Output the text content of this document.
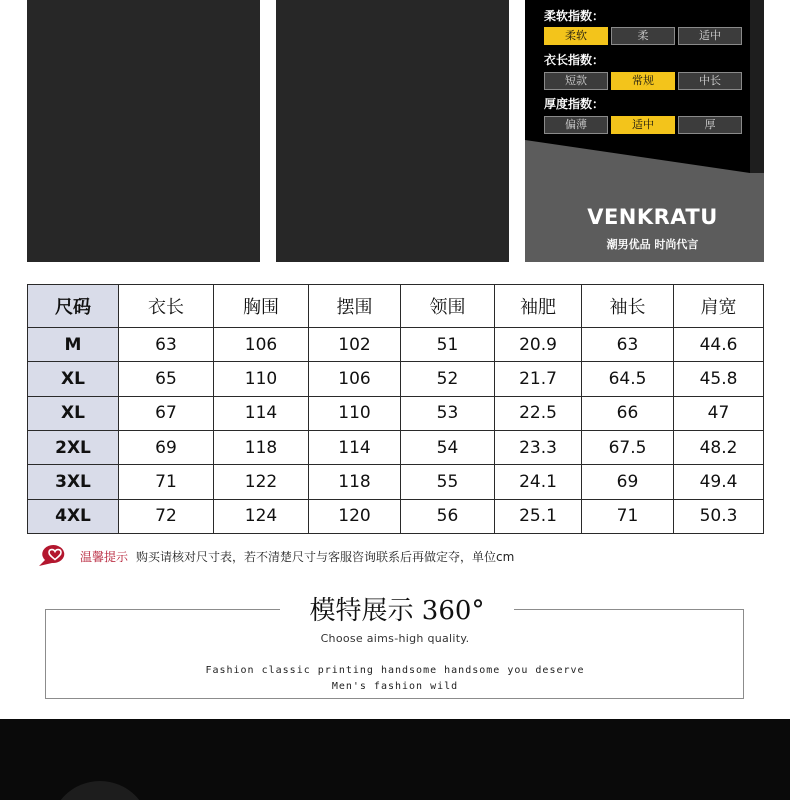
柔软指数：
柔软	柔	适中
衣长指数：
短款	常规	中长
厚度指数：
偏薄	适中	厚
VENKRATU
潮男优品 时尚代言
尺码	衣长	胸围	摆围	领围	袖肥	袖长	肩宽
M	63	106	102	51	20.9	63	44.6
XL	65	110	106	52	21.7	64.5	45.8
XL	67	114	110	53	22.5	66	47
2XL	69	118	114	54	23.3	67.5	48.2
3XL	71	122	118	55	24.1	69	49.4
4XL	72	124	120	56	25.1	71	50.3
温馨提示 购买请核对尺寸表，若不清楚尺寸与客服咨询联系后再做定夺，单位cm
模特展示 360°
Choose aims-high quality.
Fashion classic printing handsome handsome you deserve
Men's fashion wild
